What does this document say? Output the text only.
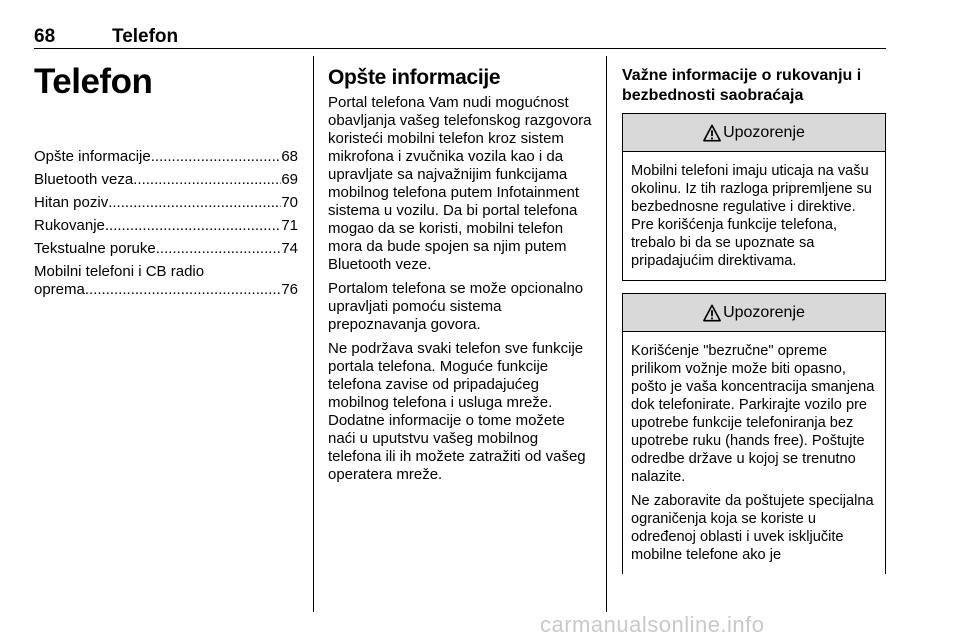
68	Telefon
Telefon
Opšte informacije .....	68
Bluetooth veza .....	69
Hitan poziv .....	70
Rukovanje .....	71
Tekstualne poruke .....	74
Mobilni telefoni i CB radio
oprema .....	76
Opšte informacije

Portal telefona Vam nudi mogućnost obavljanja vašeg telefonskog razgovora koristeći mobilni telefon kroz sistem mikrofona i zvučnika vozila kao i da upravljate sa najvažnijim funkcijama mobilnog telefona putem Infotainment sistema u vozilu. Da bi portal telefona mogao da se koristi, mobilni telefon mora da bude spojen sa njim putem Bluetooth veze.

Portalom telefona se može opcionalno upravljati pomoću sistema prepoznavanja govora.

Ne podržava svaki telefon sve funkcije portala telefona. Moguće funkcije telefona zavise od pripadajućeg mobilnog telefona i usluga mreže. Dodatne informacije o tome možete naći u uputstvu vašeg mobilnog telefona ili ih možete zatražiti od vašeg operatera mreže.

Važne informacije o rukovanju i bezbednosti saobraćaja
Upozorenje

Mobilni telefoni imaju uticaja na vašu okolinu. Iz tih razloga pripremljene su bezbednosne regulative i direktive. Pre korišćenja funkcije telefona, trebalo bi da se upoznate sa pripadajućim direktivama.

Upozorenje

Korišćenje "bezručne" opreme prilikom vožnje može biti opasno, pošto je vaša koncentracija smanjena dok telefonirate. Parkirajte vozilo pre upotrebe funkcije telefoniranja bez upotrebe ruku (hands free). Poštujte odredbe države u kojoj se trenutno nalazite.

Ne zaboravite da poštujete specijalna ograničenja koja se koriste u određenoj oblasti i uvek isključite mobilne telefone ako je

carmanualsonline.info
